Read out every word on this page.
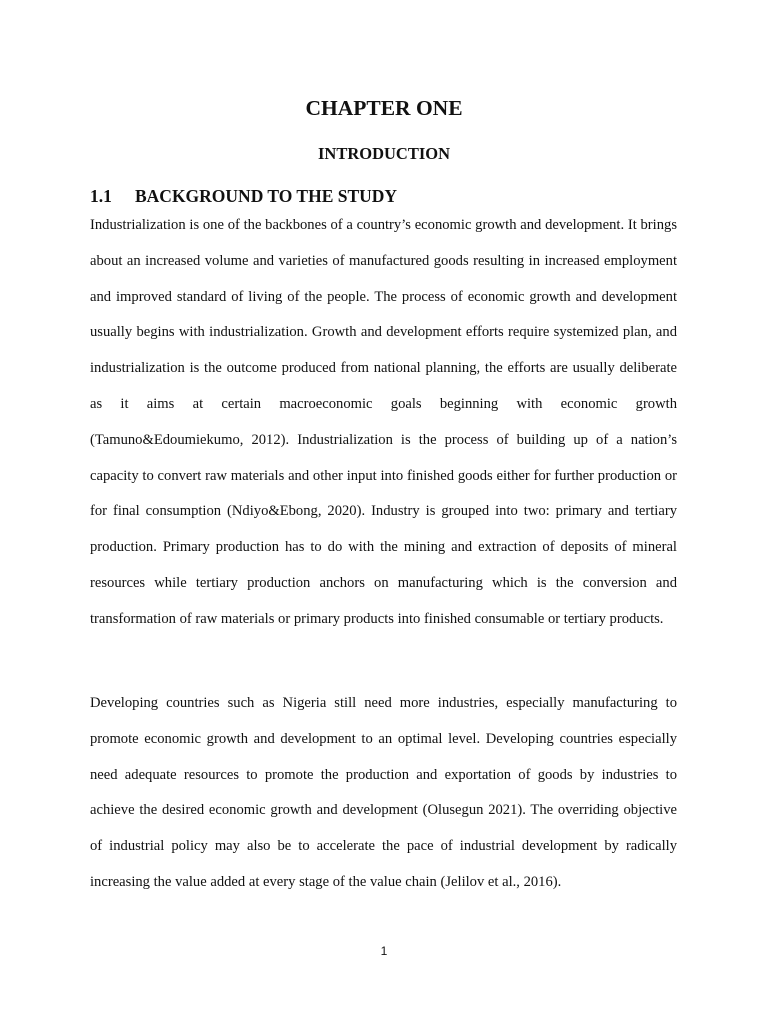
CHAPTER ONE
INTRODUCTION
1.1 BACKGROUND TO THE STUDY

Industrialization is one of the backbones of a country’s economic growth and development. It brings about an increased volume and varieties of manufactured goods resulting in increased employment and improved standard of living of the people. The process of economic growth and development usually begins with industrialization. Growth and development efforts require systemized plan, and industrialization is the outcome produced from national planning, the efforts are usually deliberate as it aims at certain macroeconomic goals beginning with economic growth (Tamuno&Edoumiekumo, 2012). Industrialization is the process of building up of a nation’s capacity to convert raw materials and other input into finished goods either for further production or for final consumption (Ndiyo&Ebong, 2020). Industry is grouped into two: primary and tertiary production. Primary production has to do with the mining and extraction of deposits of mineral resources while tertiary production anchors on manufacturing which is the conversion and transformation of raw materials or primary products into finished consumable or tertiary products.

Developing countries such as Nigeria still need more industries, especially manufacturing to promote economic growth and development to an optimal level. Developing countries especially need adequate resources to promote the production and exportation of goods by industries to achieve the desired economic growth and development (Olusegun 2021). The overriding objective of industrial policy may also be to accelerate the pace of industrial development by radically increasing the value added at every stage of the value chain (Jelilov et al., 2016).

1
